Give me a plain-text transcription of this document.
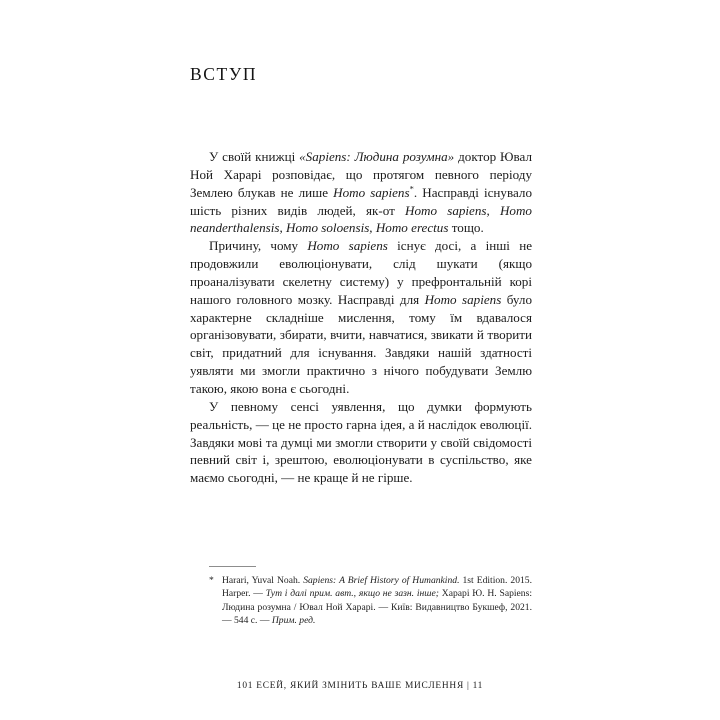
ВСТУП

У своїй книжці «Sapiens: Людина розумна» доктор Ювал Ной Харарі розповідає, що протягом певного періоду Землею блукав не лише Homo sapiens*. Насправді існувало шість різних видів людей, як-от Homo sapiens, Homo neanderthalensis, Homo soloensis, Homo erectus тощо.

Причину, чому Homo sapiens існує досі, а інші не продовжили еволюціонувати, слід шукати (якщо проаналізувати скелетну систему) у префронтальній корі нашого головного мозку. Насправді для Homo sapiens було характерне складніше мислення, тому їм вдавалося організовувати, збирати, вчити, навчатися, звикати й творити світ, придатний для існування. Завдяки нашій здатності уявляти ми змогли практично з нічого побудувати Землю такою, якою вона є сьогодні.

У певному сенсі уявлення, що думки формують реальність, — це не просто гарна ідея, а й наслідок еволюції. Завдяки мові та думці ми змогли створити у своїй свідомості певний світ і, зрештою, еволюціонувати в суспільство, яке маємо сьогодні, — не краще й не гірше.

* Harari, Yuval Noah. Sapiens: A Brief History of Humankind. 1st Edition. 2015. Harper. — Тут і далі прим. авт., якщо не зазн. інше; Харарі Ю. Н. Sapiens: Людина розумна / Ювал Ной Харарі. — Київ: Видавництво Букшеф, 2021. — 544 с. — Прим. ред.
101 ЕСЕЙ, ЯКИЙ ЗМІНИТЬ ВАШЕ МИСЛЕННЯ | 11
